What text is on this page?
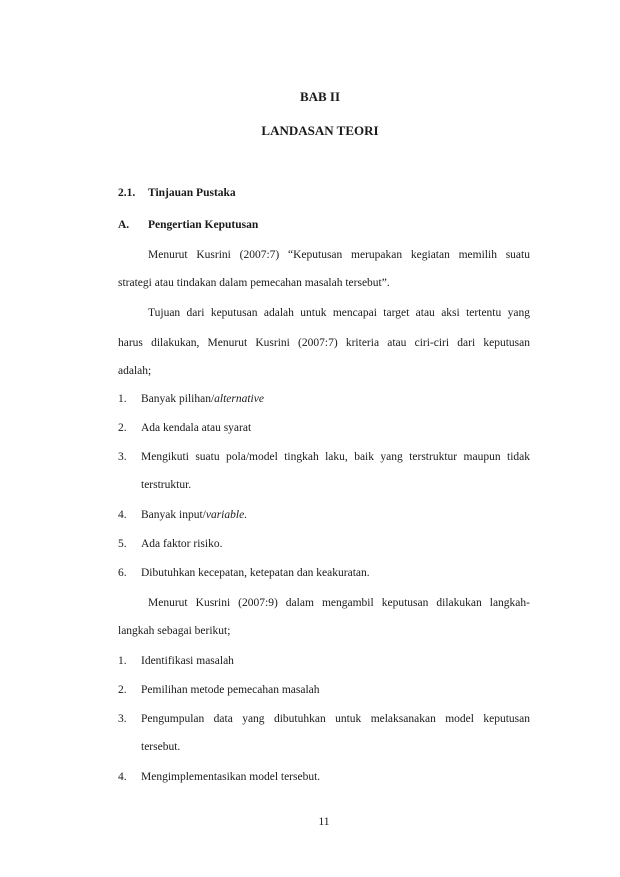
BAB II
LANDASAN TEORI
2.1. Tinjauan Pustaka
A. Pengertian Keputusan
Menurut Kusrini (2007:7) “Keputusan merupakan kegiatan memilih suatu
strategi atau tindakan dalam pemecahan masalah tersebut”.
Tujuan dari keputusan adalah untuk mencapai target atau aksi tertentu yang
harus dilakukan, Menurut Kusrini (2007:7) kriteria atau ciri-ciri dari keputusan
adalah;
1. Banyak pilihan/alternative
2. Ada kendala atau syarat
3. Mengikuti suatu pola/model tingkah laku, baik yang terstruktur maupun tidak
terstruktur.
4. Banyak input/variable.
5. Ada faktor risiko.
6. Dibutuhkan kecepatan, ketepatan dan keakuratan.
Menurut Kusrini (2007:9) dalam mengambil keputusan dilakukan langkah-
langkah sebagai berikut;
1. Identifikasi masalah
2. Pemilihan metode pemecahan masalah
3. Pengumpulan data yang dibutuhkan untuk melaksanakan model keputusan
tersebut.
4. Mengimplementasikan model tersebut.
11
